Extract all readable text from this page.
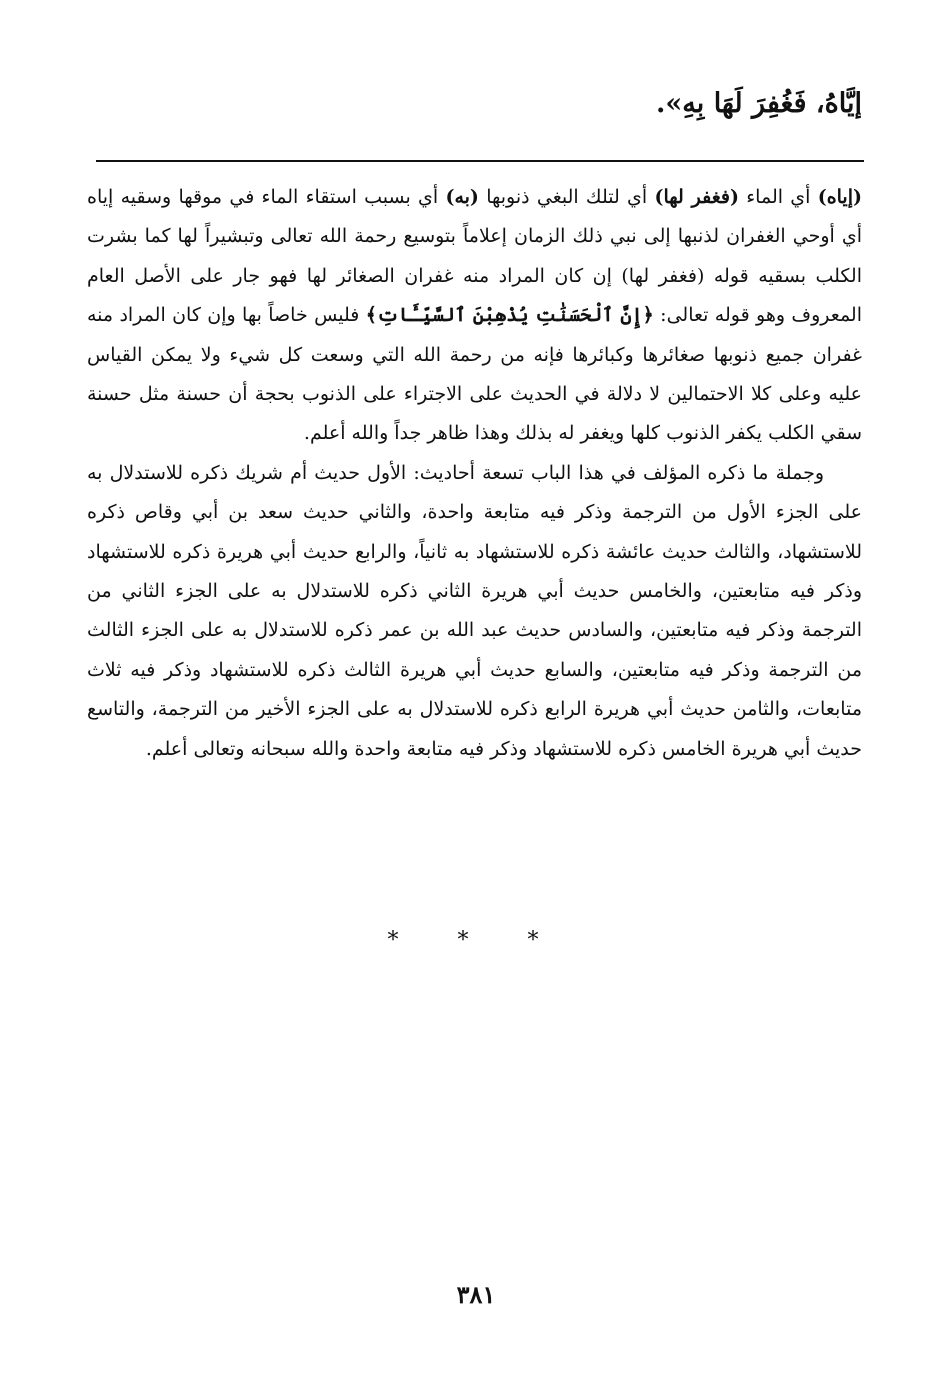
إيَّاهُ، فَغُفِرَ لَهَا بِهِ».

(إياه) أي الماء (فغفر لها) أي لتلك البغي ذنوبها (به) أي بسبب استقاء الماء في موقها وسقيه إياه أي أوحي الغفران لذنبها إلى نبي ذلك الزمان إعلاماً بتوسيع رحمة الله تعالى وتبشيراً لها كما بشرت الكلب بسقيه قوله (فغفر لها) إن كان المراد منه غفران الصغائر لها فهو جار على الأصل العام المعروف وهو قوله تعالى: ﴿إِنَّ ٱلْحَسَنَٰتِ يُذْهِبْنَ ٱلسَّيِّـَٔاتِ﴾ فليس خاصاً بها وإن كان المراد منه غفران جميع ذنوبها صغائرها وكبائرها فإنه من رحمة الله التي وسعت كل شيء ولا يمكن القياس عليه وعلى كلا الاحتمالين لا دلالة في الحديث على الاجتراء على الذنوب بحجة أن حسنة مثل حسنة سقي الكلب يكفر الذنوب كلها ويغفر له بذلك وهذا ظاهر جداً والله أعلم.

وجملة ما ذكره المؤلف في هذا الباب تسعة أحاديث: الأول حديث أم شريك ذكره للاستدلال به على الجزء الأول من الترجمة وذكر فيه متابعة واحدة، والثاني حديث سعد بن أبي وقاص ذكره للاستشهاد، والثالث حديث عائشة ذكره للاستشهاد به ثانياً، والرابع حديث أبي هريرة ذكره للاستشهاد وذكر فيه متابعتين، والخامس حديث أبي هريرة الثاني ذكره للاستدلال به على الجزء الثاني من الترجمة وذكر فيه متابعتين، والسادس حديث عبد الله بن عمر ذكره للاستدلال به على الجزء الثالث من الترجمة وذكر فيه متابعتين، والسابع حديث أبي هريرة الثالث ذكره للاستشهاد وذكر فيه ثلاث متابعات، والثامن حديث أبي هريرة الرابع ذكره للاستدلال به على الجزء الأخير من الترجمة، والتاسع حديث أبي هريرة الخامس ذكره للاستشهاد وذكر فيه متابعة واحدة والله سبحانه وتعالى أعلم.

* * *
٣٨١
